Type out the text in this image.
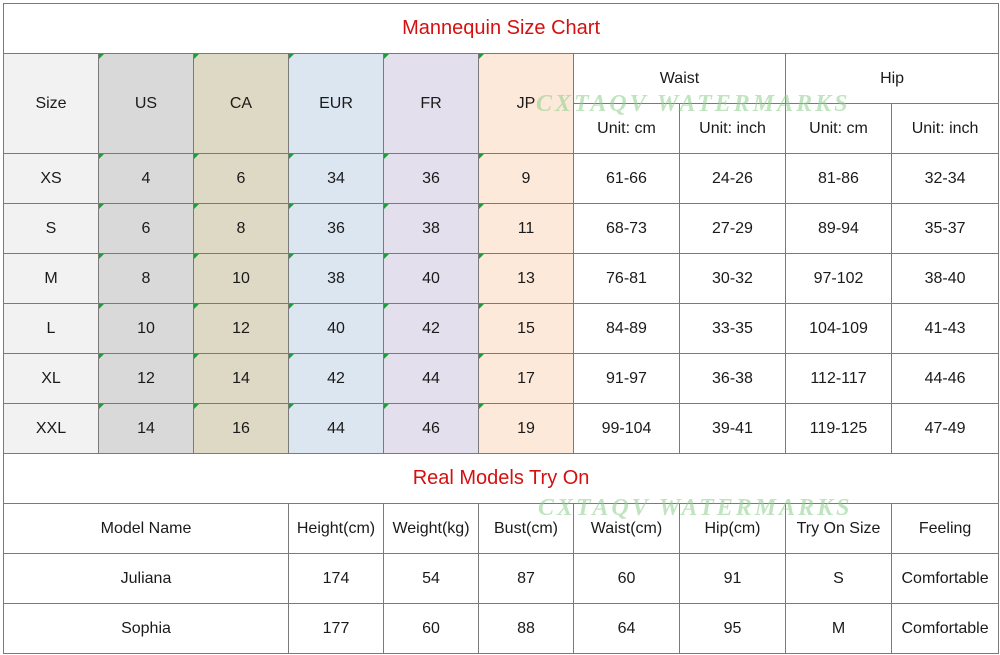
Mannequin Size Chart									
Size	US	CA	EUR	FR	JP	Waist		Hip	
						Unit: cm	Unit: inch	Unit: cm	Unit: inch
XS	4	6	34	36	9	61-66	24-26	81-86	32-34
S	6	8	36	38	11	68-73	27-29	89-94	35-37
M	8	10	38	40	13	76-81	30-32	97-102	38-40
L	10	12	40	42	15	84-89	33-35	104-109	41-43
XL	12	14	42	44	17	91-97	36-38	112-117	44-46
XXL	14	16	44	46	19	99-104	39-41	119-125	47-49
Real Models Try On									
Model Name			Height(cm)	Weight(kg)	Bust(cm)	Waist(cm)	Hip(cm)	Try On Size	Feeling
Juliana			174	54	87	60	91	S	Comfortable
Sophia			177	60	88	64	95	M	Comfortable
CXTAQV WATERMARKS
CXTAQV WATERMARKS
